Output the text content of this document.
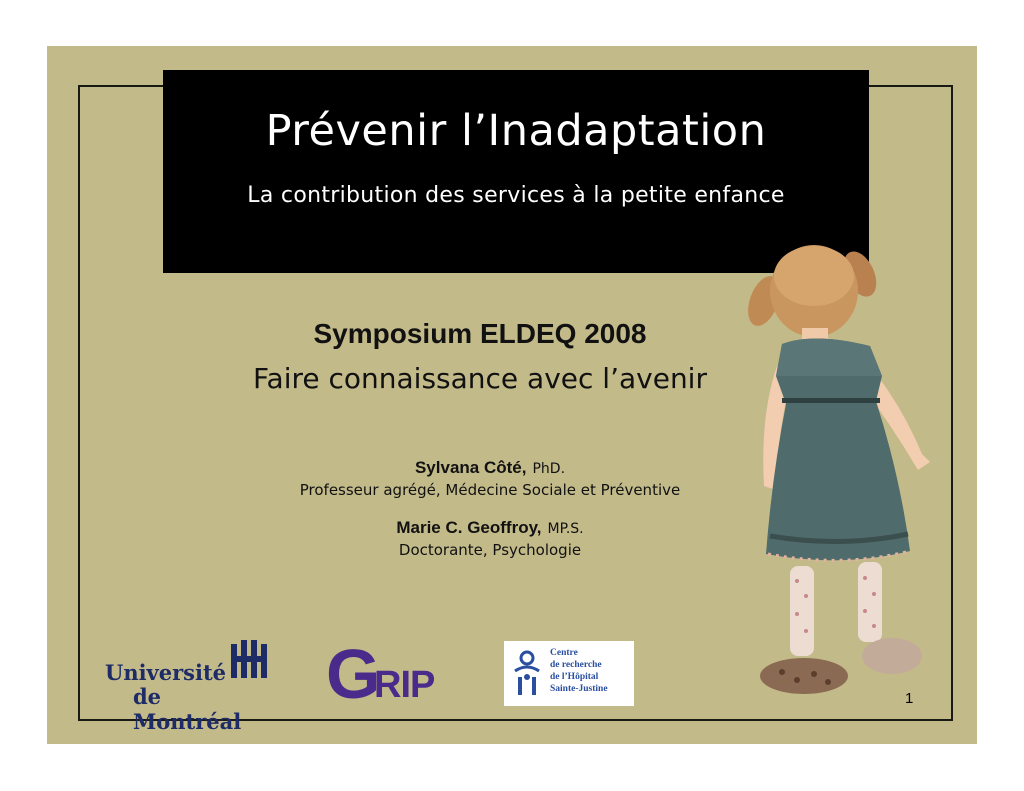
Prévenir l’Inadaptation
La contribution des services à la petite enfance
Symposium ELDEQ 2008
Faire connaissance avec l’avenir
Sylvana Côté, PhD.
Professeur agrégé, Médecine Sociale et Préventive
Marie C. Geoffroy, MP.S.
Doctorante, Psychologie
Université
de Montréal
G
RIP
Centre
de recherche
de l’Hôpital
Sainte-Justine
1
